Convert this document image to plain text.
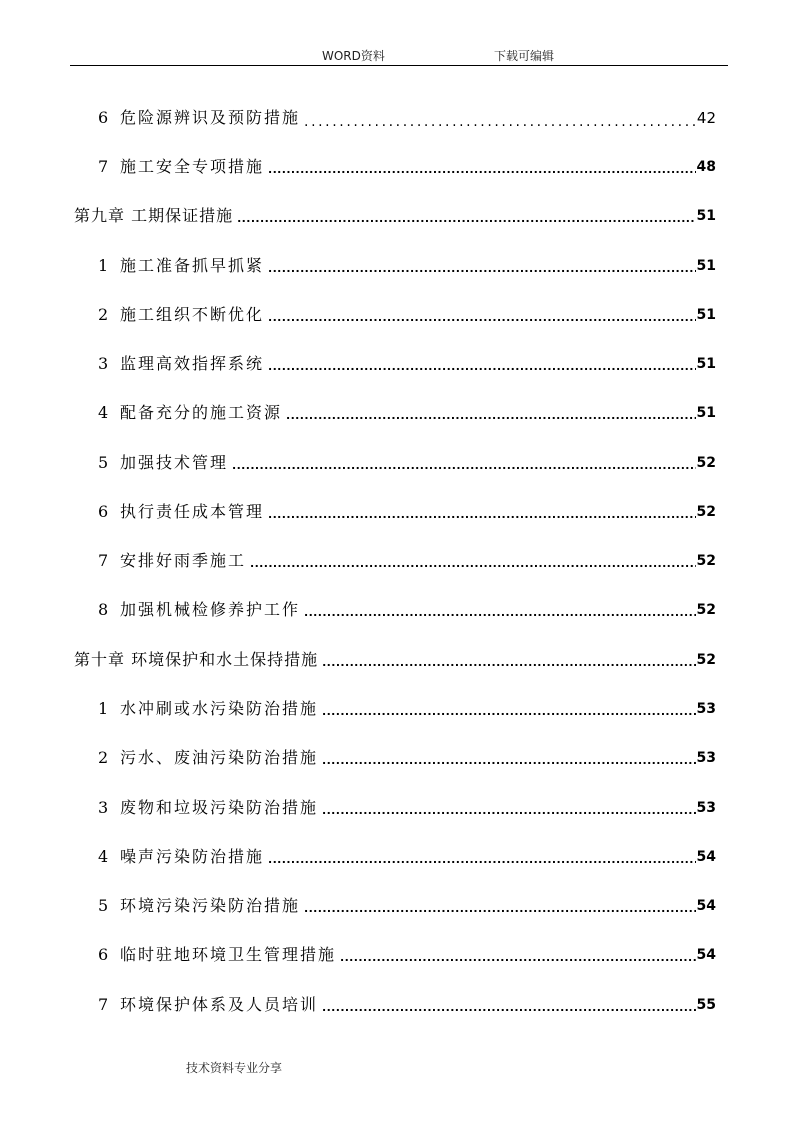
WORD资料	下载可编辑
6 危险源辨识及预防措施 .....	42
7 施工安全专项措施 .....	48
第九章 工期保证措施 .....	51
1 施工准备抓早抓紧 .....	51
2 施工组织不断优化 .....	51
3 监理高效指挥系统 .....	51
4 配备充分的施工资源 .....	51
5 加强技术管理 .....	52
6 执行责任成本管理 .....	52
7 安排好雨季施工 .....	52
8 加强机械检修养护工作 .....	52
第十章 环境保护和水土保持措施 .....	52
1 水冲刷或水污染防治措施 .....	53
2 污水、废油污染防治措施 .....	53
3 废物和垃圾污染防治措施 .....	53
4 噪声污染防治措施 .....	54
5 环境污染污染防治措施 .....	54
6 临时驻地环境卫生管理措施 .....	54
7 环境保护体系及人员培训 .....	55
技术资料专业分享
